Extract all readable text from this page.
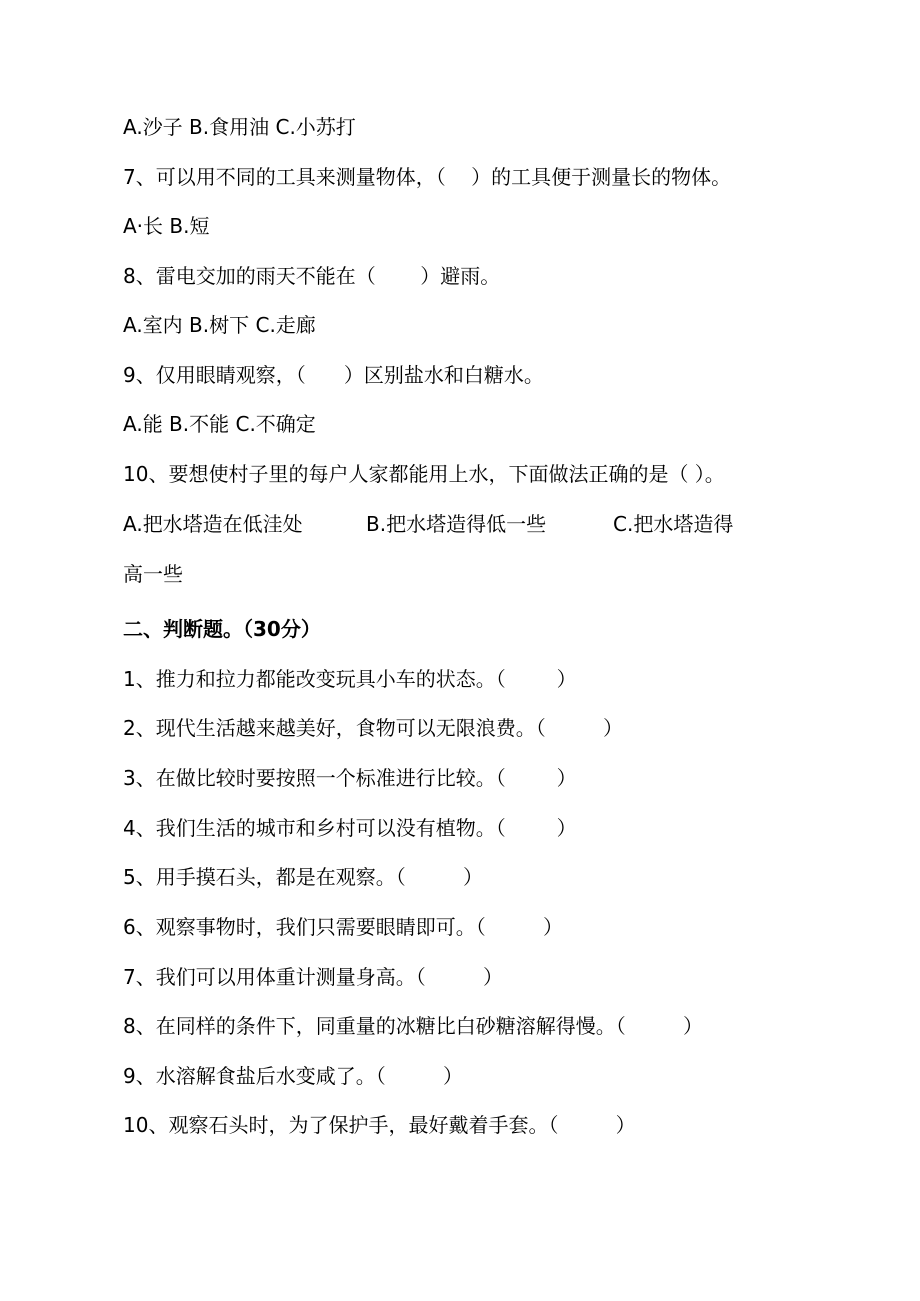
A.沙子 B.食用油 C.小苏打
7、可以用不同的工具来测量物体，（    ）的工具便于测量长的物体。
A·长 B.短
8、雷电交加的雨天不能在（       ）避雨。
A.室内 B.树下 C.走廊
9、仅用眼睛观察，（      ）区别盐水和白糖水。
A.能 B.不能 C.不确定
10、要想使村子里的每户人家都能用上水，下面做法正确的是（ ）。
A.把水塔造在低洼处	B.把水塔造得低一些	C.把水塔造得
高一些
二、判断题。（30分）
1、推力和拉力都能改变玩具小车的状态。（        ）
2、现代生活越来越美好，食物可以无限浪费。（         ）
3、在做比较时要按照一个标准进行比较。（        ）
4、我们生活的城市和乡村可以没有植物。（        ）
5、用手摸石头，都是在观察。（         ）
6、观察事物时，我们只需要眼睛即可。（         ）
7、我们可以用体重计测量身高。（         ）
8、在同样的条件下，同重量的冰糖比白砂糖溶解得慢。（         ）
9、水溶解食盐后水变咸了。（         ）
10、观察石头时，为了保护手，最好戴着手套。（         ）
